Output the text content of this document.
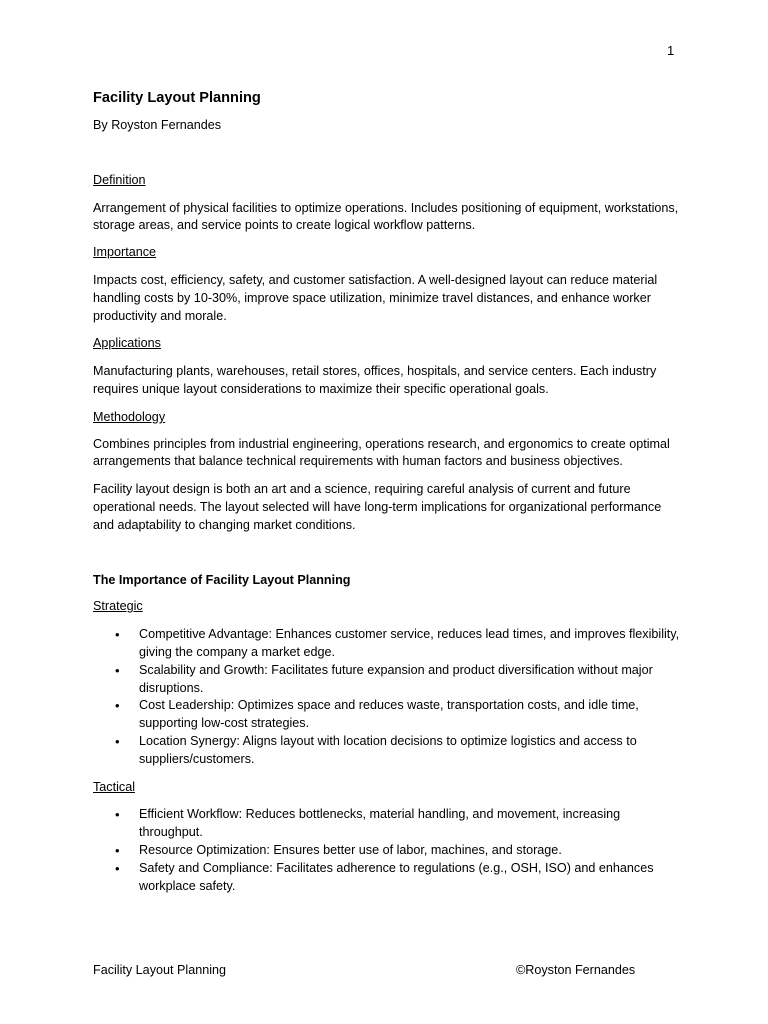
1
Facility Layout Planning

By Royston Fernandes

Definition

Arrangement of physical facilities to optimize operations. Includes positioning of equipment, workstations, storage areas, and service points to create logical workflow patterns.

Importance

Impacts cost, efficiency, safety, and customer satisfaction. A well-designed layout can reduce material handling costs by 10-30%, improve space utilization, minimize travel distances, and enhance worker productivity and morale.

Applications

Manufacturing plants, warehouses, retail stores, offices, hospitals, and service centers. Each industry requires unique layout considerations to maximize their specific operational goals.

Methodology

Combines principles from industrial engineering, operations research, and ergonomics to create optimal arrangements that balance technical requirements with human factors and business objectives.

Facility layout design is both an art and a science, requiring careful analysis of current and future operational needs. The layout selected will have long-term implications for organizational performance and adaptability to changing market conditions.

The Importance of Facility Layout Planning

Strategic

• Competitive Advantage: Enhances customer service, reduces lead times, and improves flexibility, giving the company a market edge.
• Scalability and Growth: Facilitates future expansion and product diversification without major disruptions.
• Cost Leadership: Optimizes space and reduces waste, transportation costs, and idle time, supporting low-cost strategies.
• Location Synergy: Aligns layout with location decisions to optimize logistics and access to suppliers/customers.

Tactical

• Efficient Workflow: Reduces bottlenecks, material handling, and movement, increasing throughput.
• Resource Optimization: Ensures better use of labor, machines, and storage.
• Safety and Compliance: Facilitates adherence to regulations (e.g., OSH, ISO) and enhances workplace safety.
Facility Layout Planning	©Royston Fernandes
